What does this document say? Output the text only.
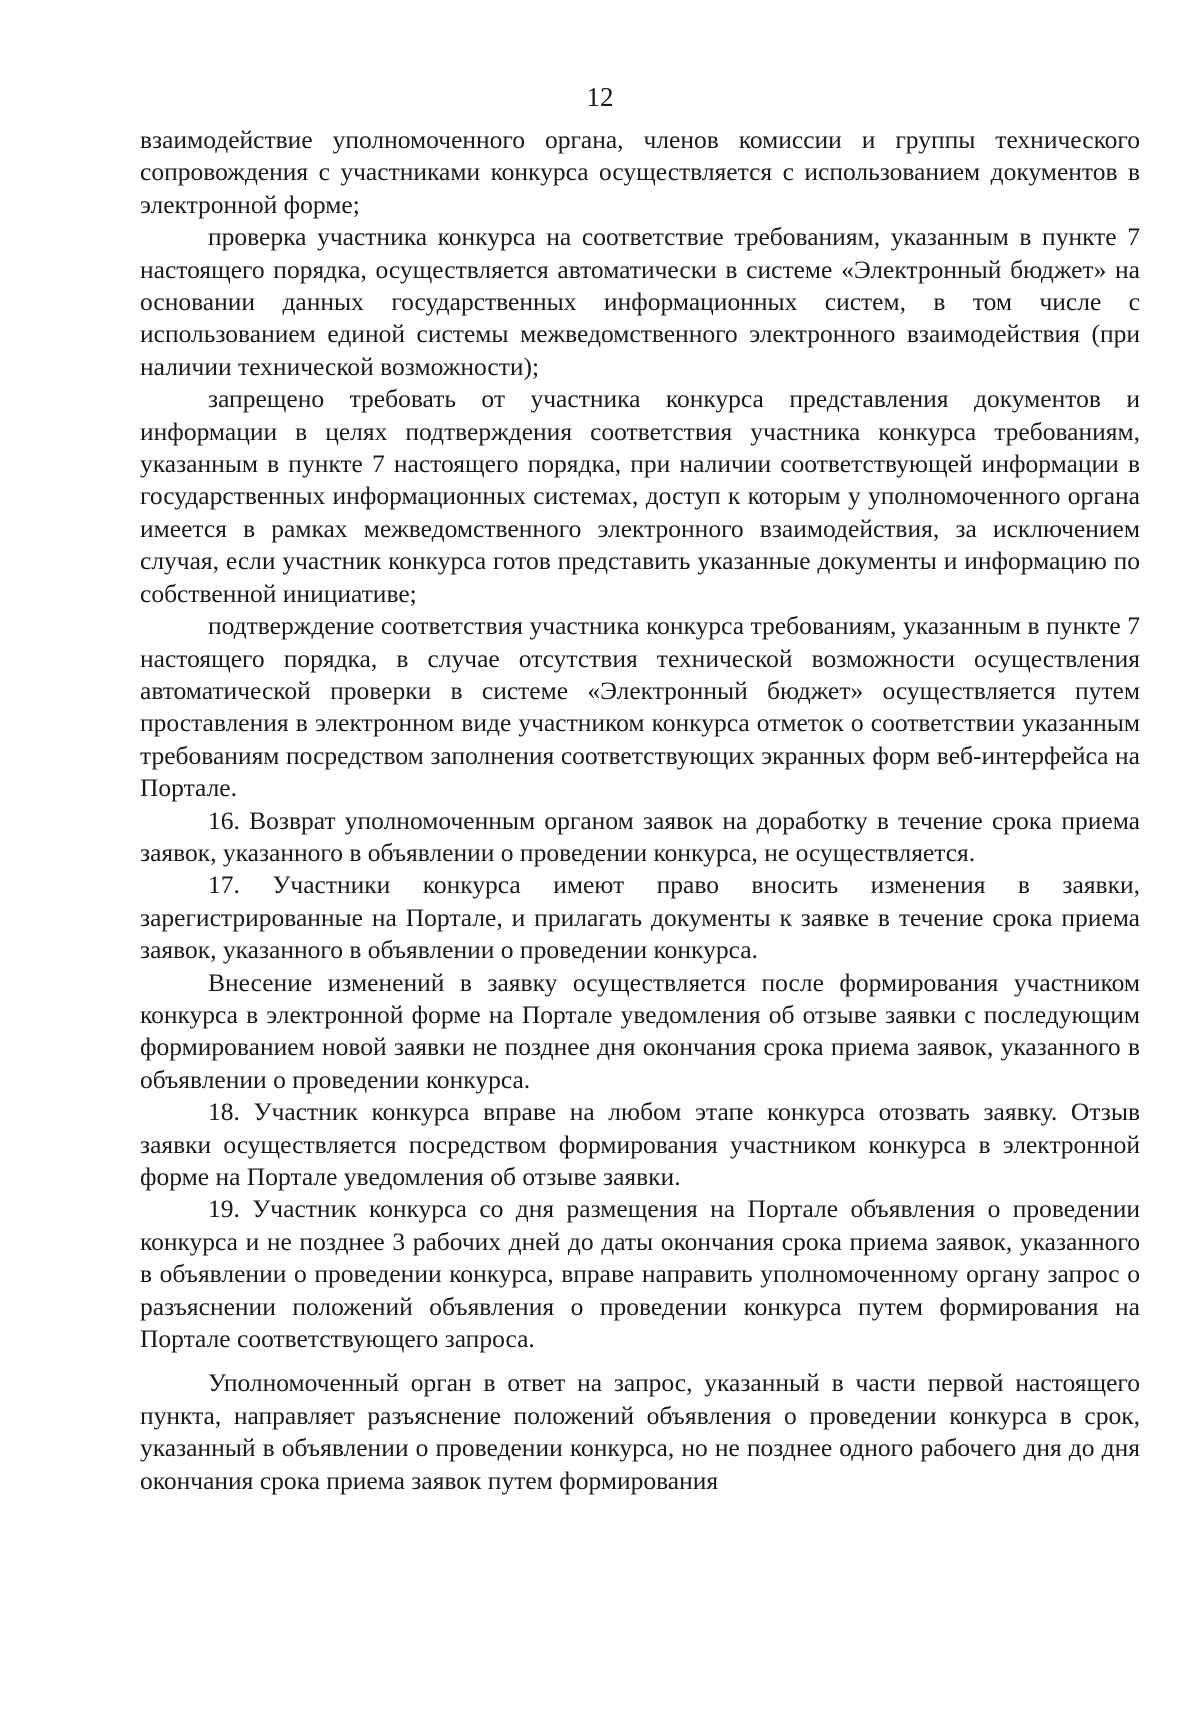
12

взаимодействие уполномоченного органа, членов комиссии и группы технического сопровождения с участниками конкурса осуществляется с использованием документов в электронной форме;

проверка участника конкурса на соответствие требованиям, указанным в пункте 7 настоящего порядка, осуществляется автоматически в системе «Электронный бюджет» на основании данных государственных информационных систем, в том числе с использованием единой системы межведомственного электронного взаимодействия (при наличии технической возможности);

запрещено требовать от участника конкурса представления документов и информации в целях подтверждения соответствия участника конкурса требованиям, указанным в пункте 7 настоящего порядка, при наличии соответствующей информации в государственных информационных системах, доступ к которым у уполномоченного органа имеется в рамках межведомственного электронного взаимодействия, за исключением случая, если участник конкурса готов представить указанные документы и информацию по собственной инициативе;

подтверждение соответствия участника конкурса требованиям, указанным в пункте 7 настоящего порядка, в случае отсутствия технической возможности осуществления автоматической проверки в системе «Электронный бюджет» осуществляется путем проставления в электронном виде участником конкурса отметок о соответствии указанным требованиям посредством заполнения соответствующих экранных форм веб-интерфейса на Портале.

16. Возврат уполномоченным органом заявок на доработку в течение срока приема заявок, указанного в объявлении о проведении конкурса, не осуществляется.

17. Участники конкурса имеют право вносить изменения в заявки, зарегистрированные на Портале, и прилагать документы к заявке в течение срока приема заявок, указанного в объявлении о проведении конкурса.

Внесение изменений в заявку осуществляется после формирования участником конкурса в электронной форме на Портале уведомления об отзыве заявки с последующим формированием новой заявки не позднее дня окончания срока приема заявок, указанного в объявлении о проведении конкурса.

18. Участник конкурса вправе на любом этапе конкурса отозвать заявку. Отзыв заявки осуществляется посредством формирования участником конкурса в электронной форме на Портале уведомления об отзыве заявки.

19. Участник конкурса со дня размещения на Портале объявления о проведении конкурса и не позднее 3 рабочих дней до даты окончания срока приема заявок, указанного в объявлении о проведении конкурса, вправе направить уполномоченному органу запрос о разъяснении положений объявления о проведении конкурса путем формирования на Портале соответствующего запроса.

Уполномоченный орган в ответ на запрос, указанный в части первой настоящего пункта, направляет разъяснение положений объявления о проведении конкурса в срок, указанный в объявлении о проведении конкурса, но не позднее одного рабочего дня до дня окончания срока приема заявок путем формирования
